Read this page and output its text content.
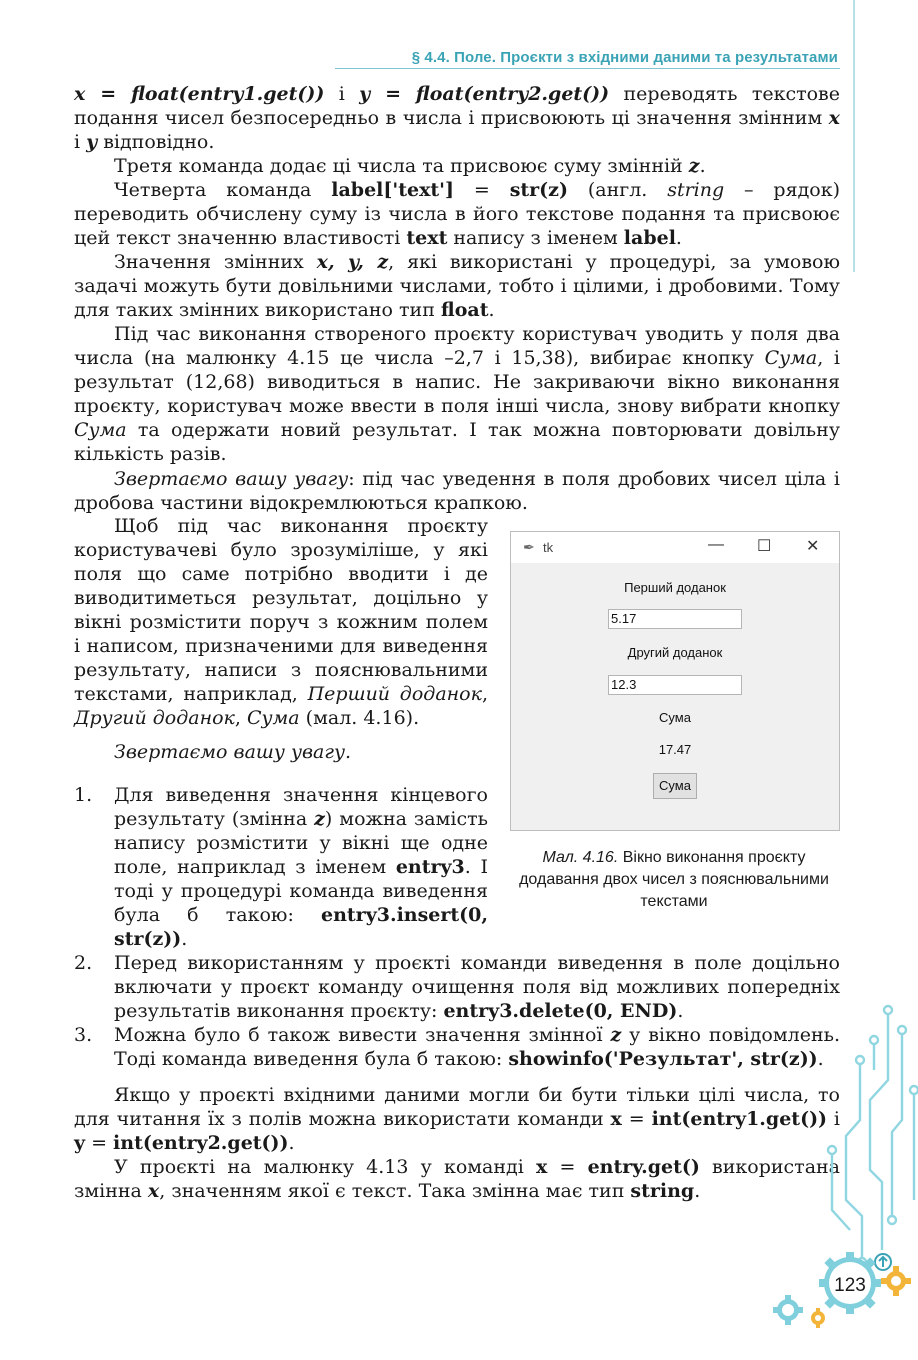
§ 4.4. Поле. Проєкти з вхідними даними та результатами

x = float(entry1.get()) і y = float(entry2.get()) переводять текстове подання чисел безпосередньо в числа і присвоюють ці значення змінним x і y відповідно.

Третя команда додає ці числа та присвоює суму змінній z.

Четверта команда label['text'] = str(z) (англ. string – рядок) переводить обчислену суму із числа в його текстове подання та присвоює цей текст значенню властивості text напису з іменем label.

Значення змінних x, y, z, які використані у процедурі, за умовою задачі можуть бути довільними числами, тобто і цілими, і дробовими. Тому для таких змінних використано тип float.

Під час виконання створеного проєкту користувач уводить у поля два числа (на малюнку 4.15 це числа –2,7 і 15,38), вибирає кнопку Сума, і результат (12,68) виводиться в напис. Не закриваючи вікно виконання проєкту, користувач може ввести в поля інші числа, знову вибрати кнопку Сума та одержати новий результат. І так можна повторювати довільну кількість разів.

Звертаємо вашу увагу: під час уведення в поля дробових чисел ціла і дробова частини відокремлюються крапкою.

Щоб під час виконання проєкту користувачеві було зрозуміліше, у які поля що саме потрібно вводити і де виводитиметься результат, доцільно у вікні розмістити поруч з кожним полем і написом, призначеними для виведення результату, написи з пояснювальними текстами, наприклад, Перший доданок, Другий доданок, Сума (мал. 4.16).

Звертаємо вашу увагу.

1. Для виведення значення кінцевого результату (змінна z) можна замість напису розмістити у вікні ще одне поле, наприклад з іменем entry3. І тоді у процедурі команда виведення була б такою: entry3.insert(0, str(z)).
2. Перед використанням у проєкті команди виведення в поле доцільно включати у проєкт команду очищення поля від можливих попередніх результатів виконання проєкту: entry3.delete(0, END).
3. Можна було б також вивести значення змінної z у вікно повідомлень. Тоді команда виведення була б такою: showinfo('Результат', str(z)).

Якщо у проєкті вхідними даними могли би бути тільки цілі числа, то для читання їх з полів можна використати команди x = int(entry1.get()) і y = int(entry2.get()).

У проєкті на малюнку 4.13 у команді x = entry.get() використана змінна x, значенням якої є текст. Така змінна має тип string.

✒ tk	— ☐ ✕
Перший доданок
5.17
Другий доданок
12.3
Сума
17.47
Сума
Мал. 4.16. Вікно виконання проєкту додавання двох чисел з пояснювальними текстами
123
